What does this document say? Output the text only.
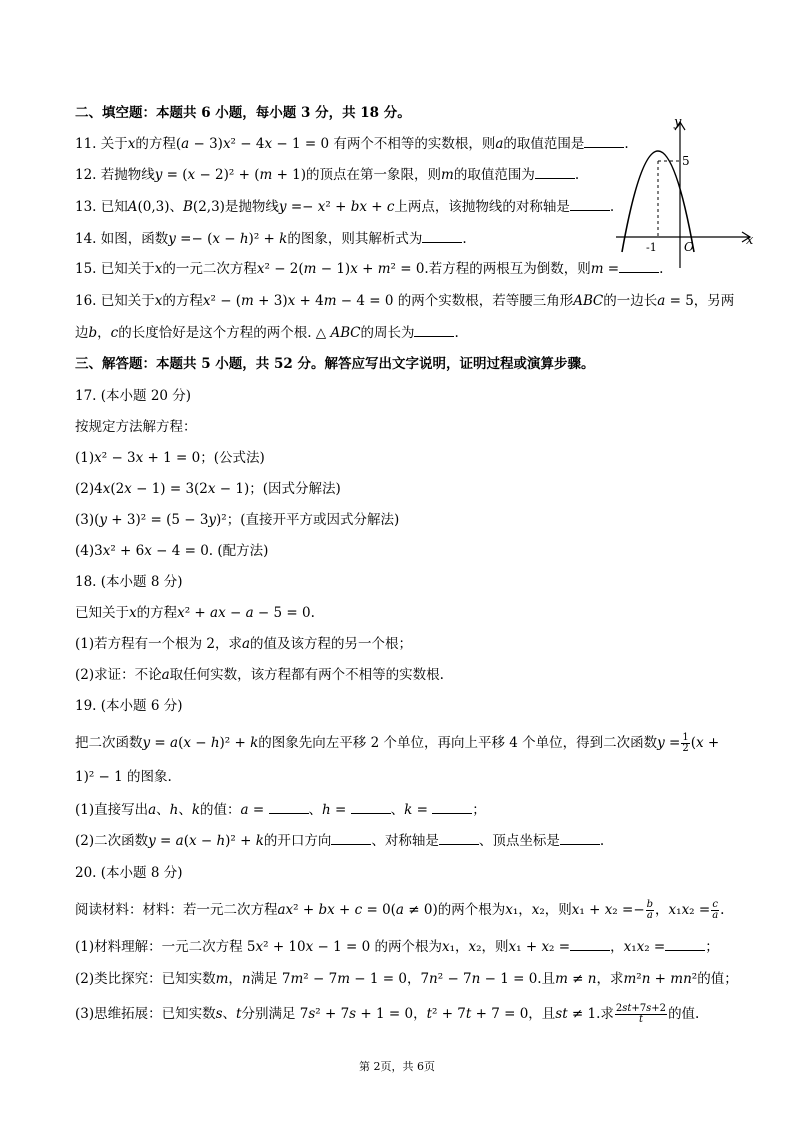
二、填空题：本题共 6 小题，每小题 3 分，共 18 分。
11. 关于𝑥的方程(𝑎 − 3)𝑥² − 4𝑥 − 1 = 0 有两个不相等的实数根，则𝑎的取值范围是	.
12. 若抛物线𝑦 = (𝑥 − 2)² + (𝑚 + 1)的顶点在第一象限，则𝑚的取值范围为	.
13. 已知𝐴(0,3)、𝐵(2,3)是抛物线𝑦 =− 𝑥² + 𝑏𝑥 + 𝑐上两点，该抛物线的对称轴是	.
14. 如图，函数𝑦 =− (𝑥 − ℎ)² + 𝑘的图象，则其解析式为	.
15. 已知关于𝑥的一元二次方程𝑥² − 2(𝑚 − 1)𝑥 + 𝑚² = 0.若方程的两根互为倒数，则𝑚 =	.
16. 已知关于𝑥的方程𝑥² − (𝑚 + 3)𝑥 + 4𝑚 − 4 = 0 的两个实数根，若等腰三角形𝐴𝐵𝐶的一边长𝑎 = 5，另两
边𝑏，𝑐的长度恰好是这个方程的两个根. △ 𝐴𝐵𝐶的周长为	.
y
x
5
-1 O
三、解答题：本题共 5 小题，共 52 分。解答应写出文字说明，证明过程或演算步骤。
17. (本小题 20 分)
按规定方法解方程：
(1)𝑥² − 3𝑥 + 1 = 0；(公式法)
(2)4𝑥(2𝑥 − 1) = 3(2𝑥 − 1)；(因式分解法)
(3)(𝑦 + 3)² = (5 − 3𝑦)²；(直接开平方或因式分解法)
(4)3𝑥² + 6𝑥 − 4 = 0. (配方法)
18. (本小题 8 分)
已知关于𝑥的方程𝑥² + 𝑎𝑥 − 𝑎 − 5 = 0.
(1)若方程有一个根为 2，求𝑎的值及该方程的另一个根；
(2)求证：不论𝑎取任何实数，该方程都有两个不相等的实数根.
19. (本小题 6 分)
把二次函数𝑦 = 𝑎(𝑥 − ℎ)² + 𝑘的图象先向左平移 2 个单位，再向上平移 4 个单位，得到二次函数𝑦 = $\frac{1}{2}$ (𝑥 +
1)² − 1 的图象.
(1)直接写出𝑎、ℎ、𝑘的值：𝑎 =	、ℎ =	、𝑘 =	；
(2)二次函数𝑦 = 𝑎(𝑥 − ℎ)² + 𝑘的开口方向	、对称轴是	、顶点坐标是	.
20. (本小题 8 分)
阅读材料：材料：若一元二次方程𝑎𝑥² + 𝑏𝑥 + 𝑐 = 0(𝑎 ≠ 0)的两个根为𝑥₁，𝑥₂，则𝑥₁ + 𝑥₂ =− $\frac{\text{𝑏}}{\text{𝑎}}$ ，𝑥₁𝑥₂ = $\frac{\text{𝑐}}{\text{𝑎}}$ .
(1)材料理解：一元二次方程 5𝑥² + 10𝑥 − 1 = 0 的两个根为𝑥₁，𝑥₂，则𝑥₁ + 𝑥₂ =	，𝑥₁𝑥₂ =	；
(2)类比探究：已知实数𝑚，𝑛满足 7𝑚² − 7𝑚 − 1 = 0，7𝑛² − 7𝑛 − 1 = 0.且𝑚 ≠ 𝑛，求𝑚²𝑛 + 𝑚𝑛²的值；
(3)思维拓展：已知实数𝑠、𝑡分别满足 7𝑠² + 7𝑠 + 1 = 0，𝑡² + 7𝑡 + 7 = 0，且𝑠𝑡 ≠ 1.求 $\frac{\text{2𝑠𝑡+7𝑠+2}}{\text{𝑡}}$ 的值.
第 2页，共 6页
